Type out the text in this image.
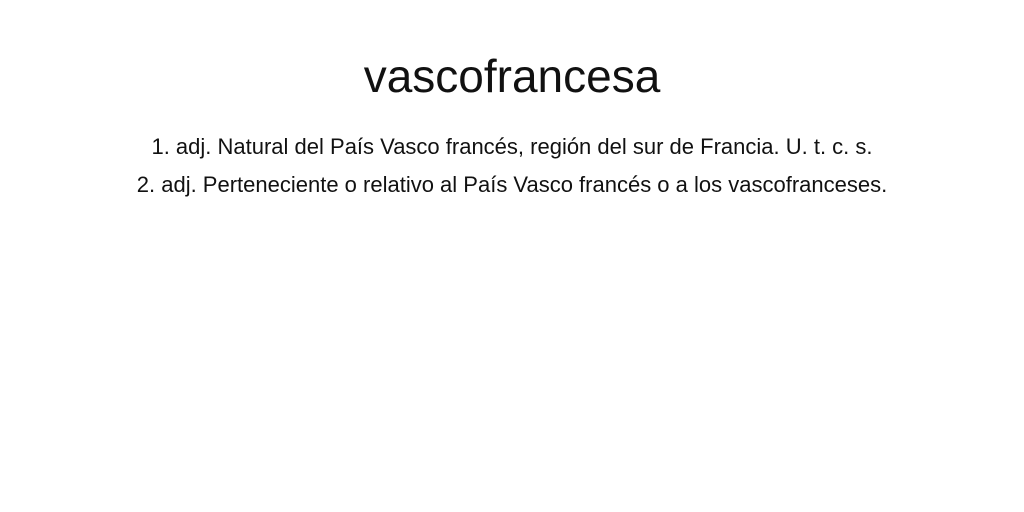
vascofrancesa
1. adj. Natural del País Vasco francés, región del sur de Francia. U. t. c. s.
2. adj. Perteneciente o relativo al País Vasco francés o a los vascofranceses.
